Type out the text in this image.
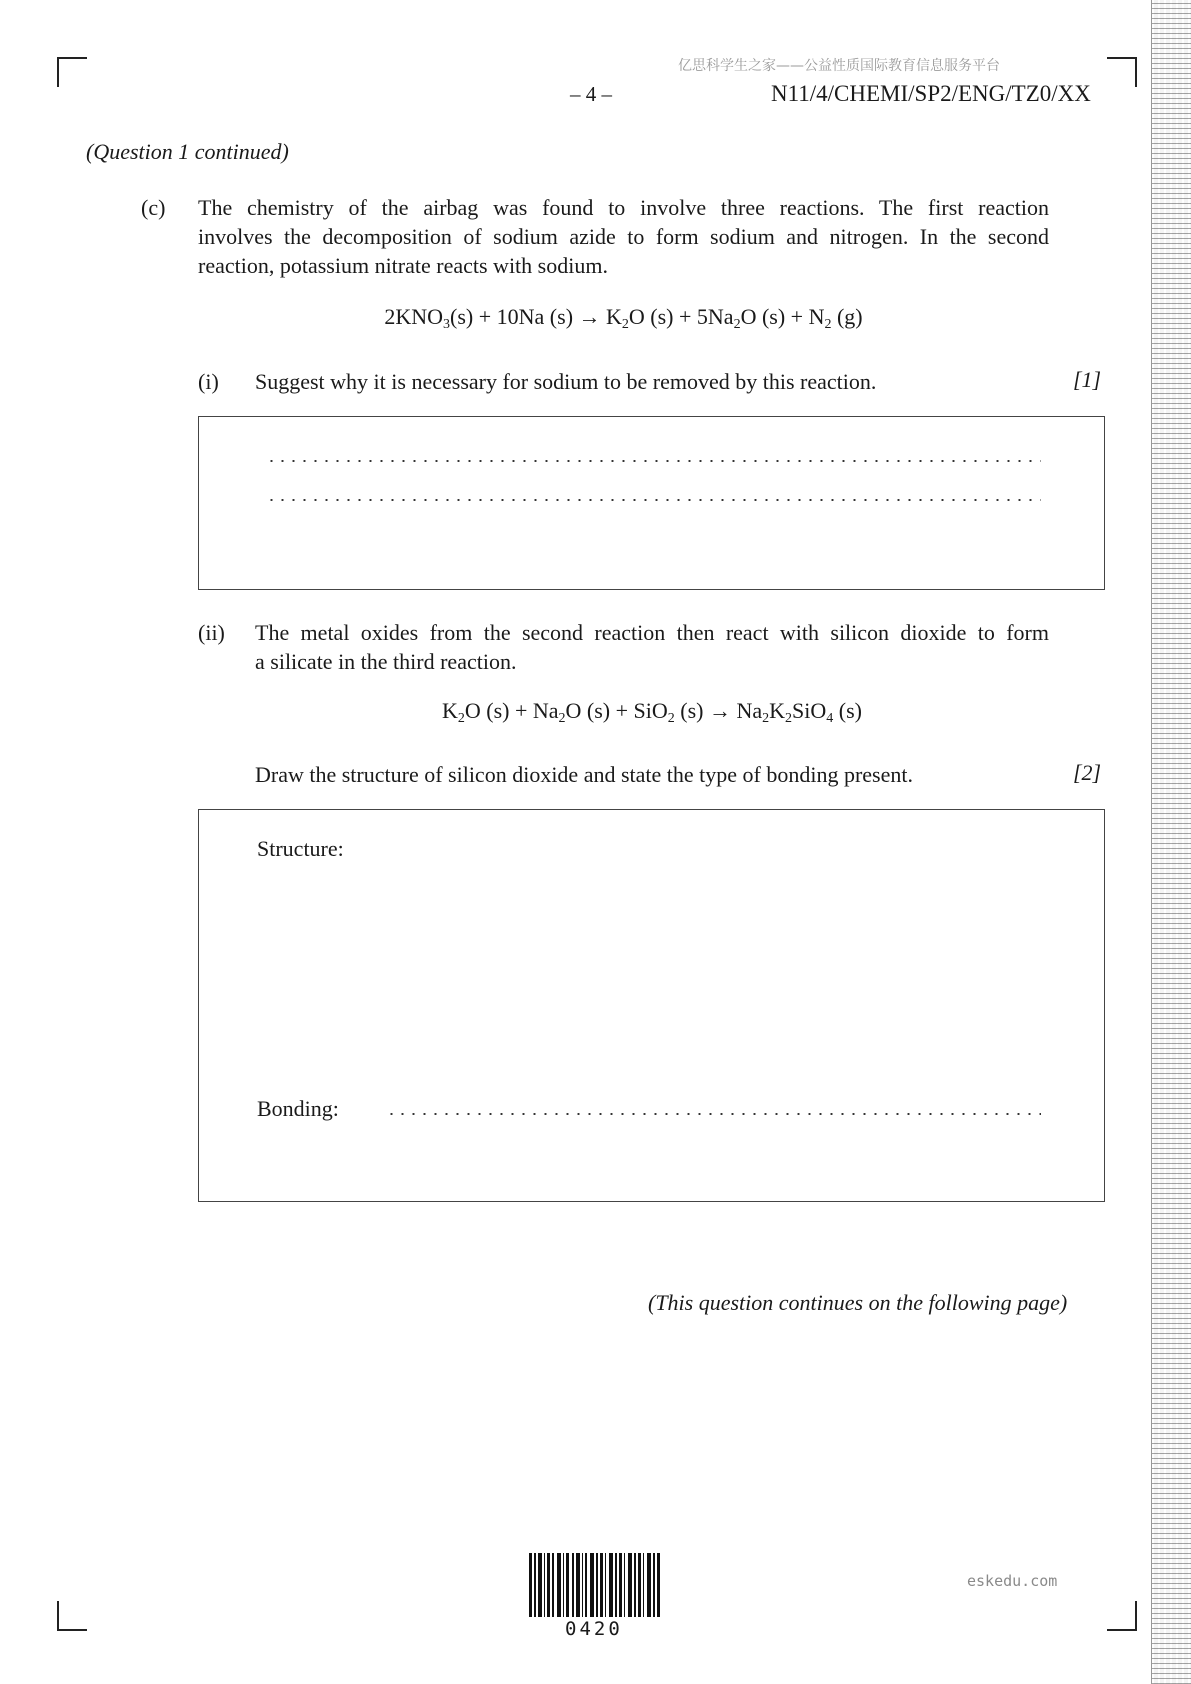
亿思科学生之家——公益性质国际教育信息服务平台
– 4 –	N11/4/CHEMI/SP2/ENG/TZ0/XX
(Question 1 continued)
(c) The chemistry of the airbag was found to involve three reactions. The first reaction
involves the decomposition of sodium azide to form sodium and nitrogen. In the second
reaction, potassium nitrate reacts with sodium.
$2KNO_3(s) + 10Na$ $(s) \to K_2O$ $(s) + 5Na_2O$ $(s) + N_2$ (g)
(i) Suggest why it is necessary for sodium to be removed by this reaction.	[1]
(ii) The metal oxides from the second reaction then react with silicon dioxide to form
a silicate in the third reaction.
$K_2O$ $(s) + Na_2O$ (s) + SiO$_2$ $(s) \to Na_2K_2SiO_4$ (s)
Draw the structure of silicon dioxide and state the type of bonding present.	[2]
Structure:
Bonding:
(This question continues on the following page)
0420
eskedu.com
